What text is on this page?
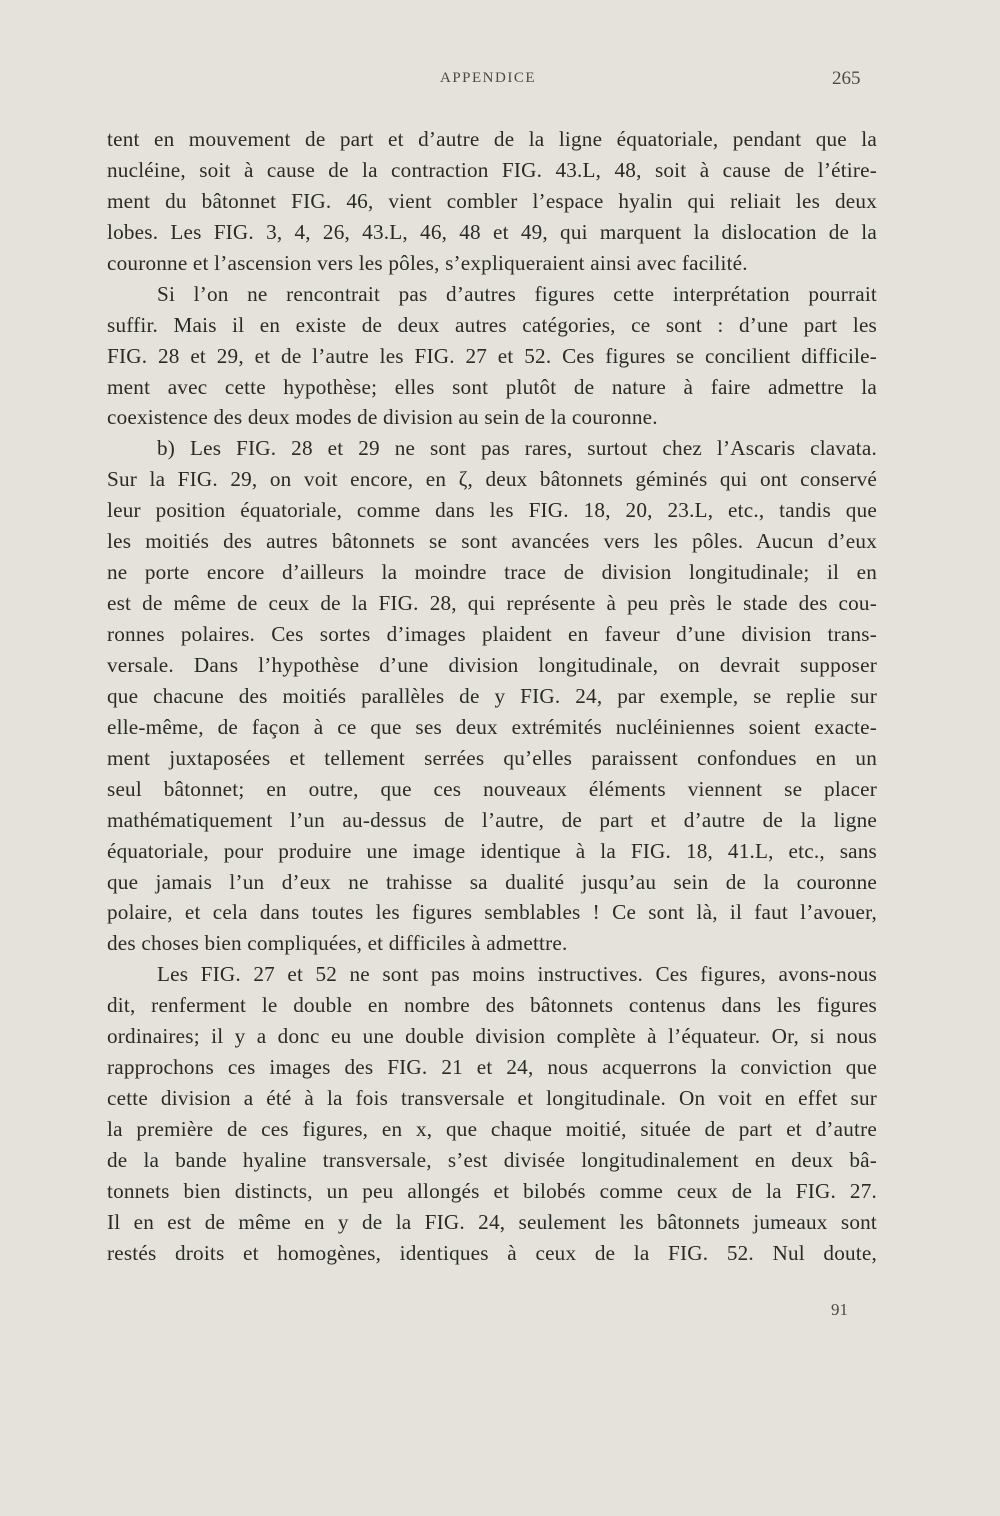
APPENDICE	265
tent en mouvement de part et d’autre de la ligne équatoriale, pendant que la
nucléine, soit à cause de la contraction FIG. 43.L, 48, soit à cause de l’étire-
ment du bâtonnet FIG. 46, vient combler l’espace hyalin qui reliait les deux
lobes. Les FIG. 3, 4, 26, 43.L, 46, 48 et 49, qui marquent la dislocation de la
couronne et l’ascension vers les pôles, s’expliqueraient ainsi avec facilité.
Si l’on ne rencontrait pas d’autres figures cette interprétation pourrait
suffir. Mais il en existe de deux autres catégories, ce sont : d’une part les
FIG. 28 et 29, et de l’autre les FIG. 27 et 52. Ces figures se concilient difficile-
ment avec cette hypothèse; elles sont plutôt de nature à faire admettre la
coexistence des deux modes de division au sein de la couronne.
b) Les FIG. 28 et 29 ne sont pas rares, surtout chez l’Ascaris clavata.
Sur la FIG. 29, on voit encore, en ζ, deux bâtonnets géminés qui ont conservé
leur position équatoriale, comme dans les FIG. 18, 20, 23.L, etc., tandis que
les moitiés des autres bâtonnets se sont avancées vers les pôles. Aucun d’eux
ne porte encore d’ailleurs la moindre trace de division longitudinale; il en
est de même de ceux de la FIG. 28, qui représente à peu près le stade des cou-
ronnes polaires. Ces sortes d’images plaident en faveur d’une division trans-
versale. Dans l’hypothèse d’une division longitudinale, on devrait supposer
que chacune des moitiés parallèles de y FIG. 24, par exemple, se replie sur
elle-même, de façon à ce que ses deux extrémités nucléiniennes soient exacte-
ment juxtaposées et tellement serrées qu’elles paraissent confondues en un
seul bâtonnet; en outre, que ces nouveaux éléments viennent se placer
mathématiquement l’un au-dessus de l’autre, de part et d’autre de la ligne
équatoriale, pour produire une image identique à la FIG. 18, 41.L, etc., sans
que jamais l’un d’eux ne trahisse sa dualité jusqu’au sein de la couronne
polaire, et cela dans toutes les figures semblables ! Ce sont là, il faut l’avouer,
des choses bien compliquées, et difficiles à admettre.
Les FIG. 27 et 52 ne sont pas moins instructives. Ces figures, avons-nous
dit, renferment le double en nombre des bâtonnets contenus dans les figures
ordinaires; il y a donc eu une double division complète à l’équateur. Or, si nous
rapprochons ces images des FIG. 21 et 24, nous acquerrons la conviction que
cette division a été à la fois transversale et longitudinale. On voit en effet sur
la première de ces figures, en x, que chaque moitié, située de part et d’autre
de la bande hyaline transversale, s’est divisée longitudinalement en deux bâ-
tonnets bien distincts, un peu allongés et bilobés comme ceux de la FIG. 27.
Il en est de même en y de la FIG. 24, seulement les bâtonnets jumeaux sont
restés droits et homogènes, identiques à ceux de la FIG. 52. Nul doute,
91
